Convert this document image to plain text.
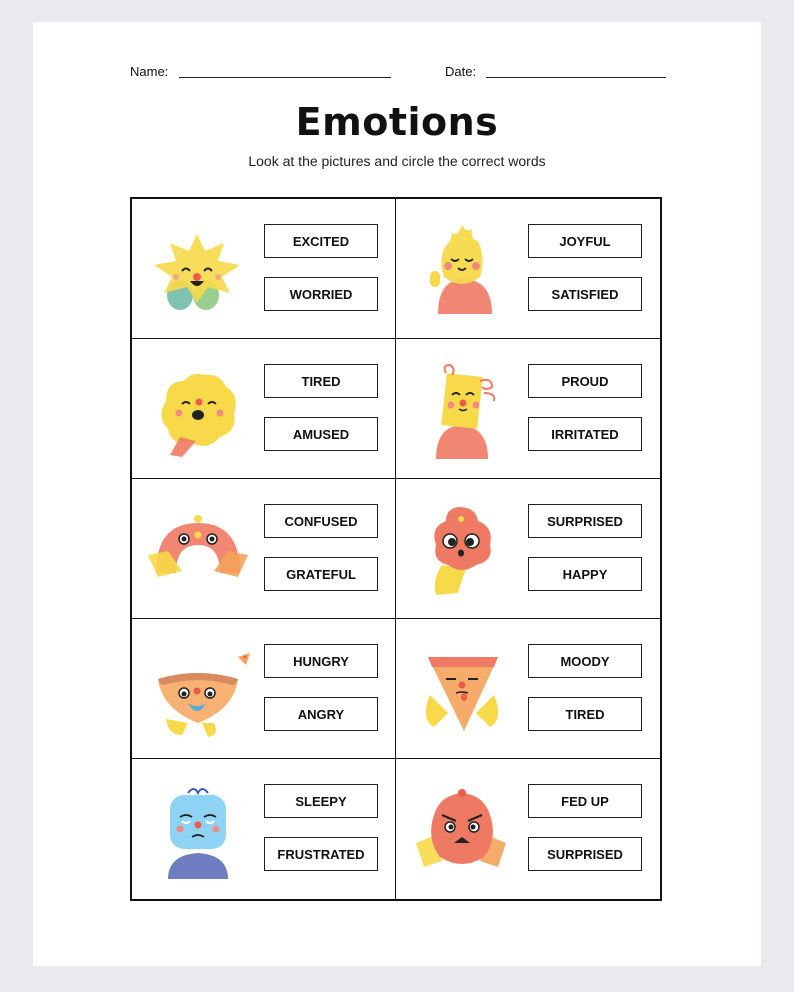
Name:	Date:
Emotions
Look at the pictures and circle the correct words
EXCITED
WORRIED
JOYFUL
SATISFIED
TIRED
AMUSED
PROUD
IRRITATED
CONFUSED
GRATEFUL
SURPRISED
HAPPY
HUNGRY
ANGRY
MOODY
TIRED
SLEEPY
FRUSTRATED
FED UP
SURPRISED
